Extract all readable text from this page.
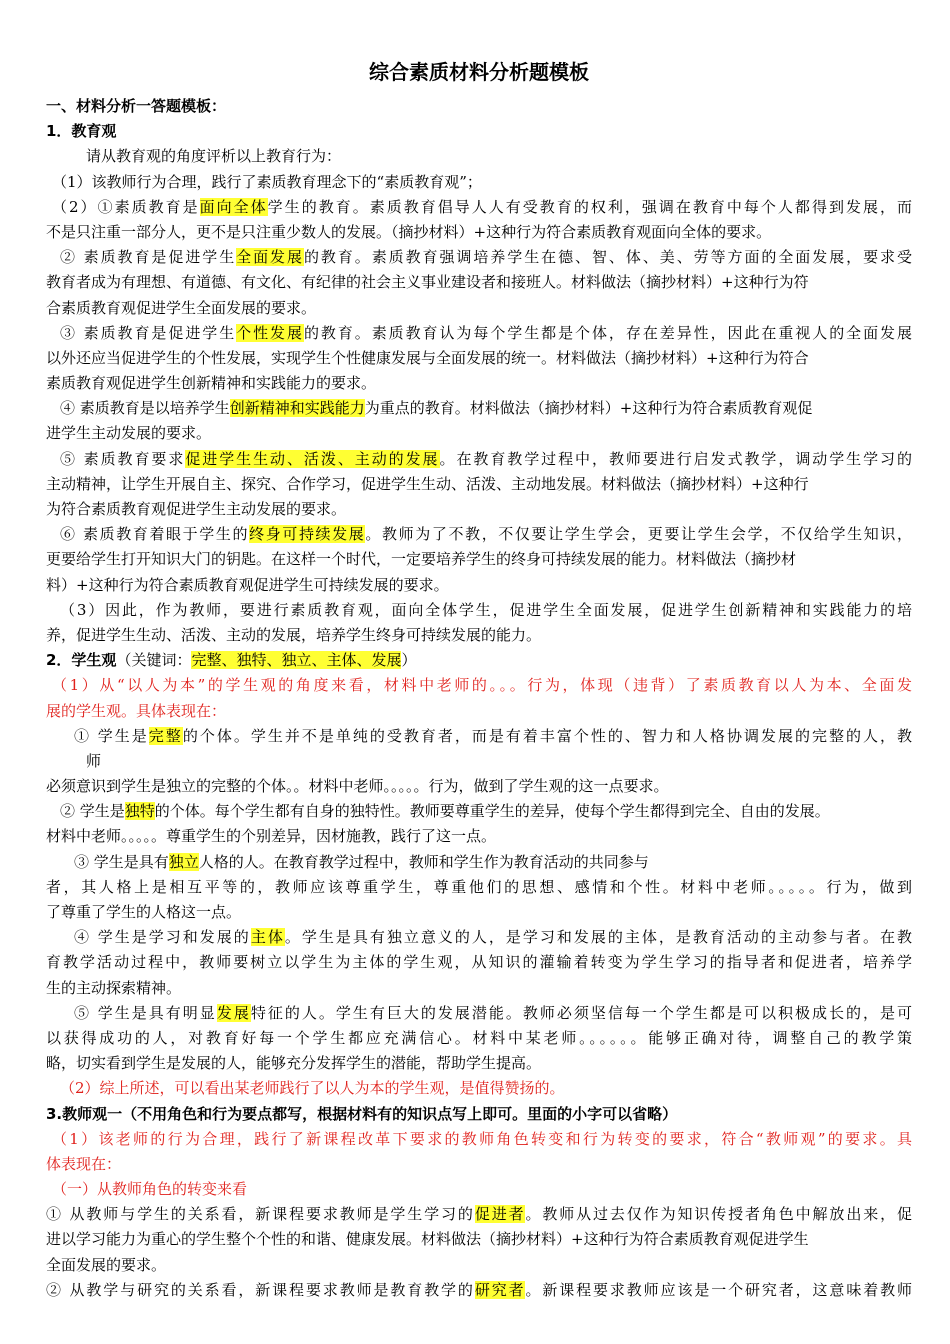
综合素质材料分析题模板
一、材料分析一答题模板：
1．教育观
请从教育观的角度评析以上教育行为：
（1）该教师行为合理，践行了素质教育理念下的“素质教育观”；
（2）①素质教育是面向全体学生的教育。素质教育倡导人人有受教育的权利，强调在教育中每个人都得到发展，而
不是只注重一部分人，更不是只注重少数人的发展。（摘抄材料）+这种行为符合素质教育观面向全体的要求。
② 素质教育是促进学生全面发展的教育。素质教育强调培养学生在德、智、体、美、劳等方面的全面发展，要求受
教育者成为有理想、有道德、有文化、有纪律的社会主义事业建设者和接班人。材料做法（摘抄材料）+这种行为符
合素质教育观促进学生全面发展的要求。
③ 素质教育是促进学生个性发展的教育。素质教育认为每个学生都是个体，存在差异性，因此在重视人的全面发展
以外还应当促进学生的个性发展，实现学生个性健康发展与全面发展的统一。材料做法（摘抄材料）+这种行为符合
素质教育观促进学生创新精神和实践能力的要求。
④ 素质教育是以培养学生创新精神和实践能力为重点的教育。材料做法（摘抄材料）+这种行为符合素质教育观促
进学生主动发展的要求。
⑤ 素质教育要求促进学生生动、活泼、主动的发展。在教育教学过程中，教师要进行启发式教学，调动学生学习的
主动精神，让学生开展自主、探究、合作学习，促进学生生动、活泼、主动地发展。材料做法（摘抄材料）+这种行
为符合素质教育观促进学生主动发展的要求。
⑥ 素质教育着眼于学生的终身可持续发展。教师为了不教，不仅要让学生学会，更要让学生会学，不仅给学生知识，
更要给学生打开知识大门的钥匙。在这样一个时代，一定要培养学生的终身可持续发展的能力。材料做法（摘抄材
料）+这种行为符合素质教育观促进学生可持续发展的要求。
（3）因此，作为教师，要进行素质教育观，面向全体学生，促进学生全面发展，促进学生创新精神和实践能力的培
养，促进学生生动、活泼、主动的发展，培养学生终身可持续发展的能力。
2．学生观（关键词：完整、独特、独立、主体、发展）
（1）从“以人为本”的学生观的角度来看，材料中老师的。。。行为，体现（违背）了素质教育以人为本、全面发
展的学生观。具体表现在：
① 学生是完整的个体。学生并不是单纯的受教育者，而是有着丰富个性的、智力和人格协调发展的完整的人，教
师
必须意识到学生是独立的完整的个体。。材料中老师。。。。。行为，做到了学生观的这一点要求。
② 学生是独特的个体。每个学生都有自身的独特性。教师要尊重学生的差异，使每个学生都得到完全、自由的发展。
材料中老师。。。。。尊重学生的个别差异，因材施教，践行了这一点。
③ 学生是具有独立人格的人。在教育教学过程中，教师和学生作为教育活动的共同参与
者，其人格上是相互平等的，教师应该尊重学生，尊重他们的思想、感情和个性。材料中老师。。。。。行为，做到
了尊重了学生的人格这一点。
④ 学生是学习和发展的主体。学生是具有独立意义的人，是学习和发展的主体，是教育活动的主动参与者。在教
育教学活动过程中，教师要树立以学生为主体的学生观，从知识的灌输着转变为学生学习的指导者和促进者，培养学
生的主动探索精神。
⑤ 学生是具有明显发展特征的人。学生有巨大的发展潜能。教师必须坚信每一个学生都是可以积极成长的，是可
以获得成功的人，对教育好每一个学生都应充满信心。材料中某老师。。。。。。能够正确对待，调整自己的教学策
略，切实看到学生是发展的人，能够充分发挥学生的潜能，帮助学生提高。
（2）综上所述，可以看出某老师践行了以人为本的学生观，是值得赞扬的。
3.教师观一（不用角色和行为要点都写，根据材料有的知识点写上即可。里面的小字可以省略）
（1）该老师的行为合理，践行了新课程改革下要求的教师角色转变和行为转变的要求，符合“教师观”的要求。具
体表现在：
（一）从教师角色的转变来看
① 从教师与学生的关系看，新课程要求教师是学生学习的促进者。教师从过去仅作为知识传授者角色中解放出来，促
进以学习能力为重心的学生整个个性的和谐、健康发展。材料做法（摘抄材料）+这种行为符合素质教育观促进学生
全面发展的要求。
② 从教学与研究的关系看，新课程要求教师是教育教学的研究者。新课程要求教师应该是一个研究者，这意味着教师
